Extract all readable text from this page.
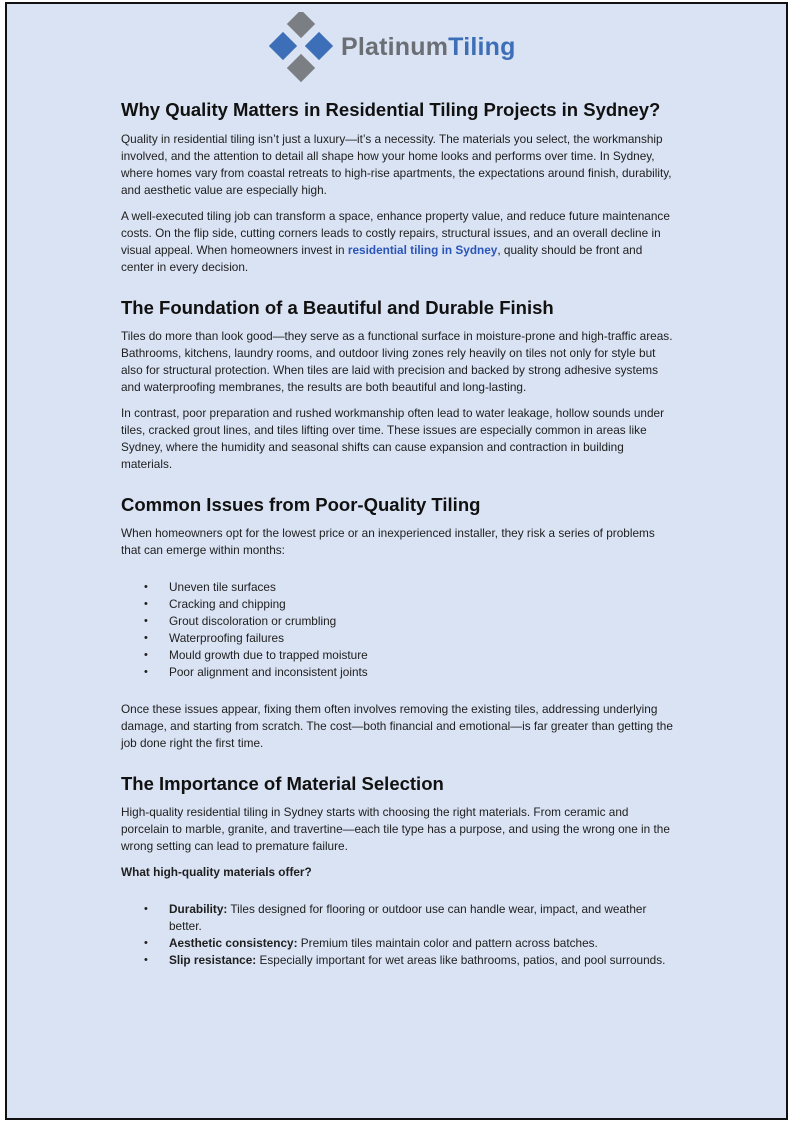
PlatinumTiling
Why Quality Matters in Residential Tiling Projects in Sydney?

Quality in residential tiling isn’t just a luxury—it’s a necessity. The materials you select, the workmanship involved, and the attention to detail all shape how your home looks and performs over time. In Sydney, where homes vary from coastal retreats to high-rise apartments, the expectations around finish, durability, and aesthetic value are especially high.

A well-executed tiling job can transform a space, enhance property value, and reduce future maintenance costs. On the flip side, cutting corners leads to costly repairs, structural issues, and an overall decline in visual appeal. When homeowners invest in residential tiling in Sydney, quality should be front and center in every decision.

The Foundation of a Beautiful and Durable Finish

Tiles do more than look good—they serve as a functional surface in moisture-prone and high-traffic areas. Bathrooms, kitchens, laundry rooms, and outdoor living zones rely heavily on tiles not only for style but also for structural protection. When tiles are laid with precision and backed by strong adhesive systems and waterproofing membranes, the results are both beautiful and long-lasting.

In contrast, poor preparation and rushed workmanship often lead to water leakage, hollow sounds under tiles, cracked grout lines, and tiles lifting over time. These issues are especially common in areas like Sydney, where the humidity and seasonal shifts can cause expansion and contraction in building materials.

Common Issues from Poor-Quality Tiling

When homeowners opt for the lowest price or an inexperienced installer, they risk a series of problems that can emerge within months:

• Uneven tile surfaces
• Cracking and chipping
• Grout discoloration or crumbling
• Waterproofing failures
• Mould growth due to trapped moisture
• Poor alignment and inconsistent joints

Once these issues appear, fixing them often involves removing the existing tiles, addressing underlying damage, and starting from scratch. The cost—both financial and emotional—is far greater than getting the job done right the first time.

The Importance of Material Selection

High-quality residential tiling in Sydney starts with choosing the right materials. From ceramic and porcelain to marble, granite, and travertine—each tile type has a purpose, and using the wrong one in the wrong setting can lead to premature failure.

What high-quality materials offer?

• Durability: Tiles designed for flooring or outdoor use can handle wear, impact, and weather better.
• Aesthetic consistency: Premium tiles maintain color and pattern across batches.
• Slip resistance: Especially important for wet areas like bathrooms, patios, and pool surrounds.
